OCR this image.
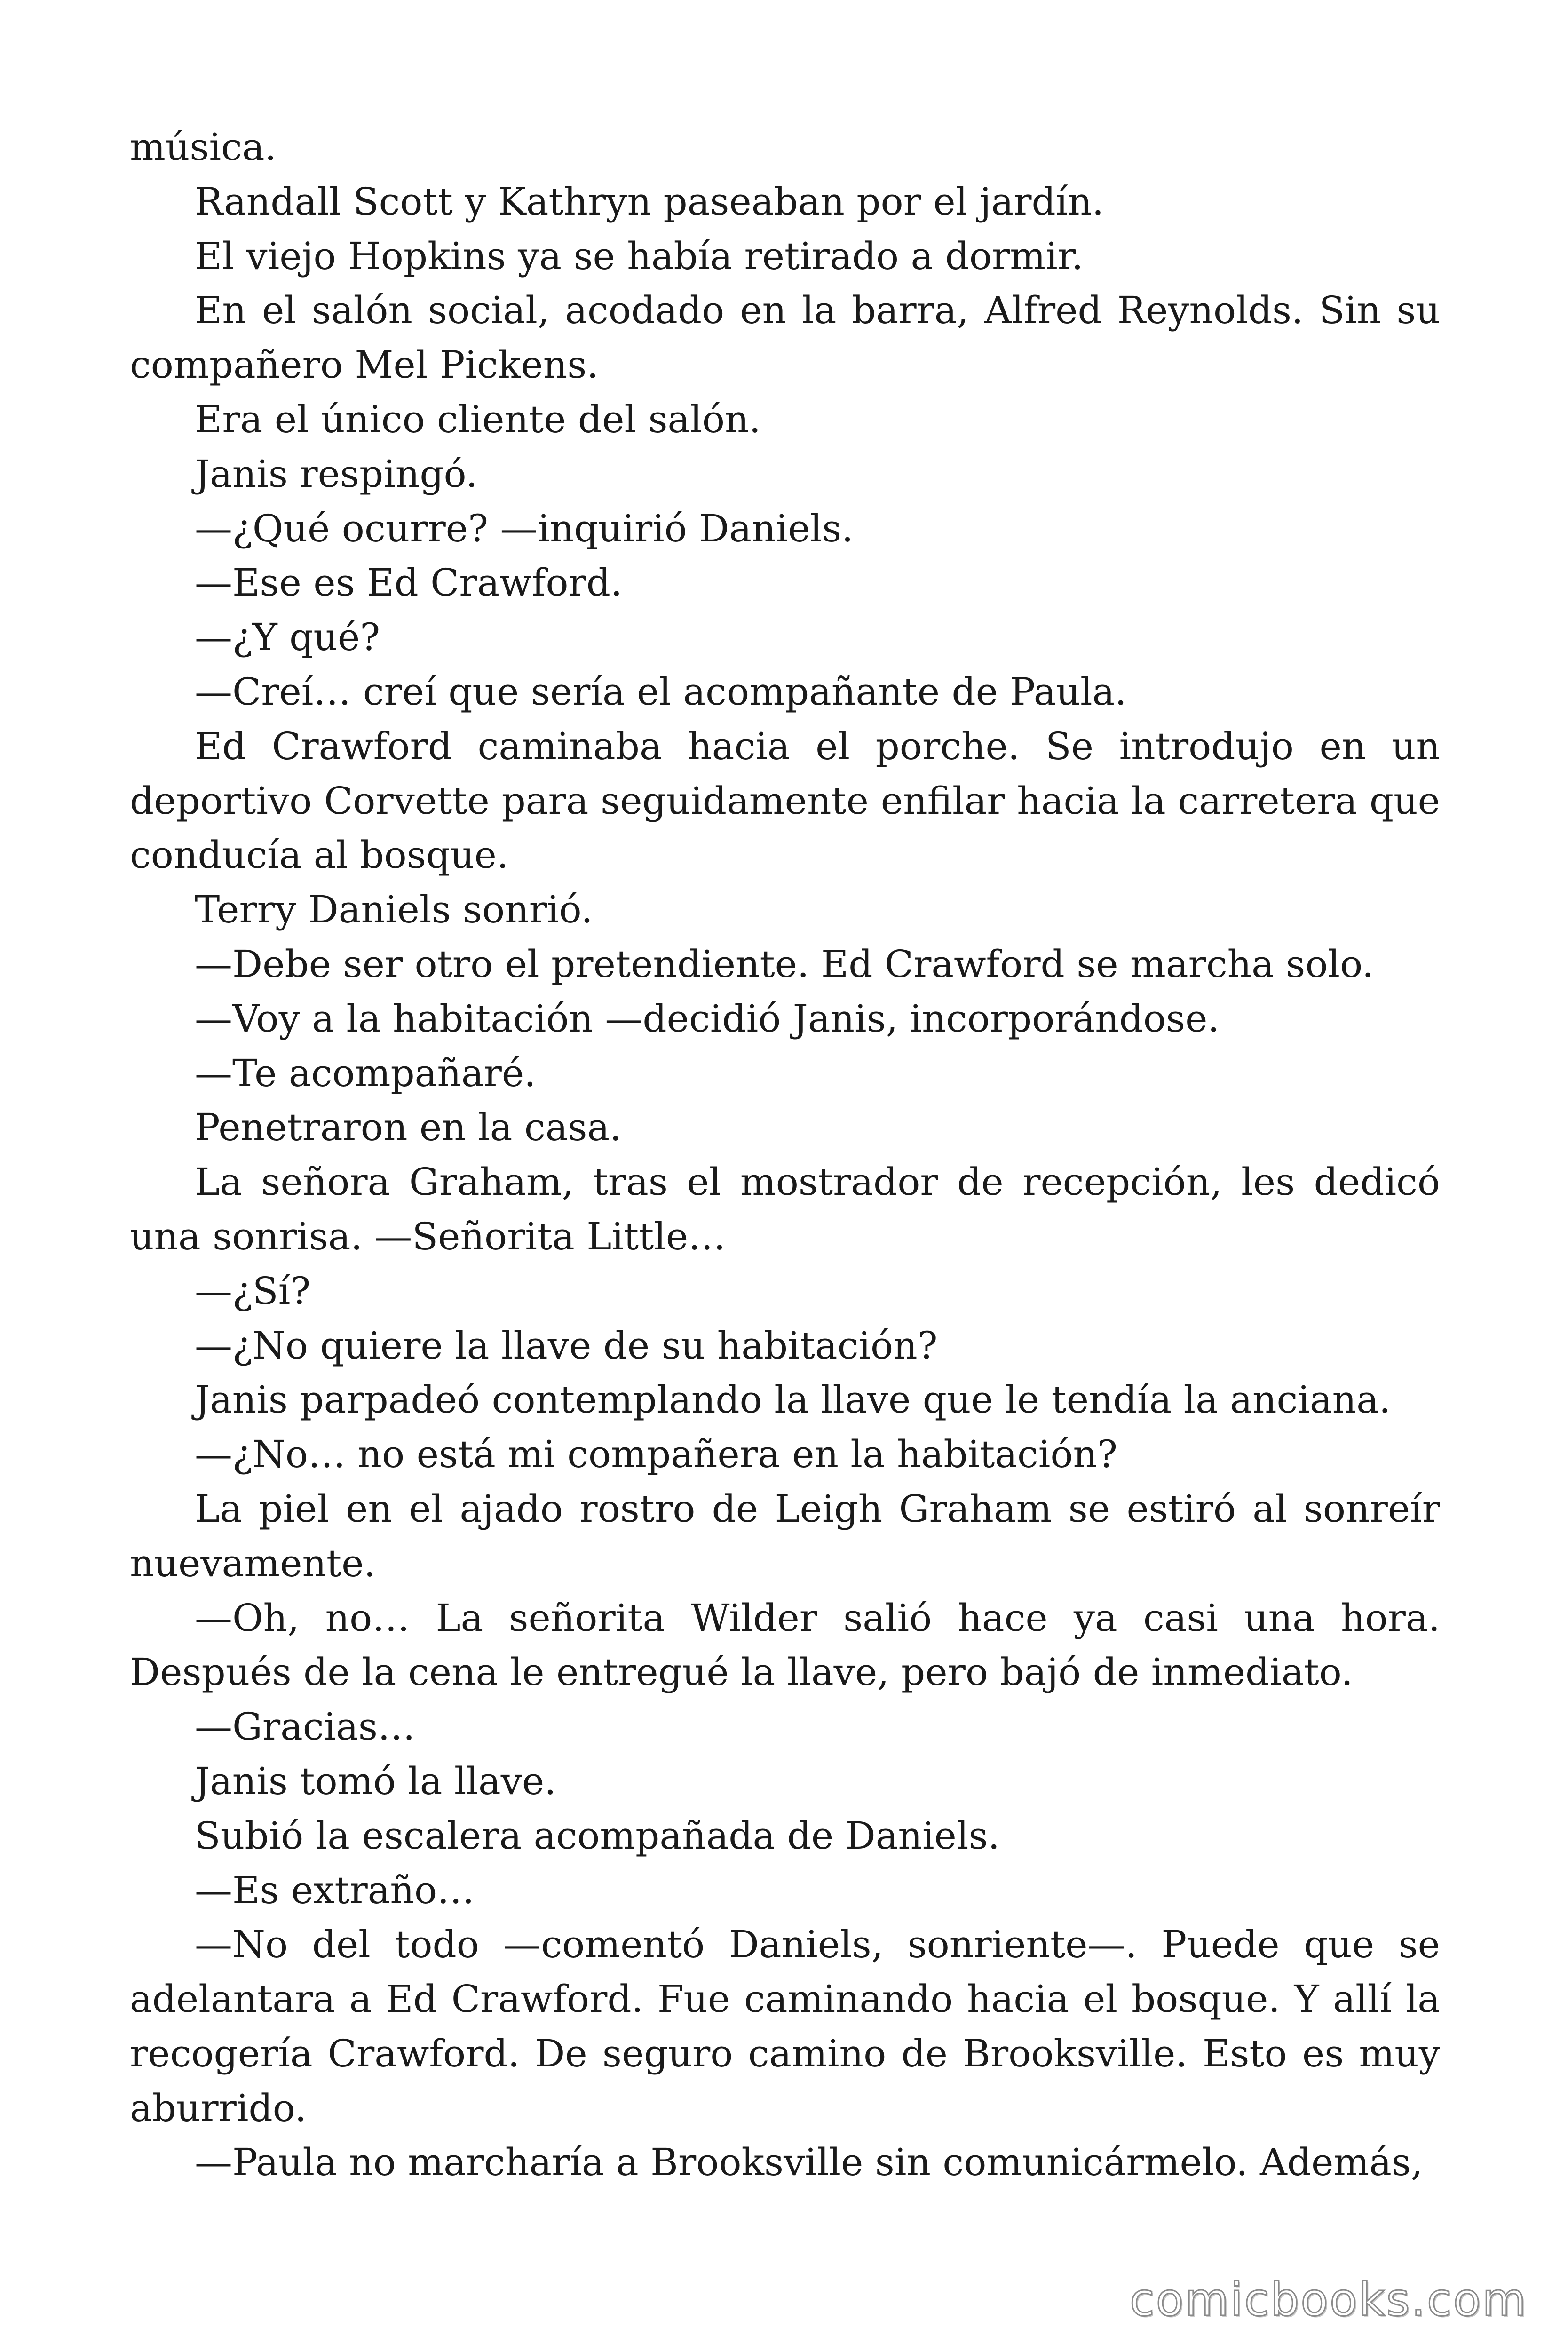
música.

Randall Scott y Kathryn paseaban por el jardín.

El viejo Hopkins ya se había retirado a dormir.

En el salón social, acodado en la barra, Alfred Reynolds. Sin su compañero Mel Pickens.

Era el único cliente del salón.

Janis respingó.

—¿Qué ocurre? —inquirió Daniels.

—Ese es Ed Crawford.

—¿Y qué?

—Creí… creí que sería el acompañante de Paula.

Ed Crawford caminaba hacia el porche. Se introdujo en un deportivo Corvette para seguidamente enfilar hacia la carretera que conducía al bosque.

Terry Daniels sonrió.

—Debe ser otro el pretendiente. Ed Crawford se marcha solo.

—Voy a la habitación —decidió Janis, incorporándose.

—Te acompañaré.

Penetraron en la casa.

La señora Graham, tras el mostrador de recepción, les dedicó una sonrisa. —Señorita Little…

—¿Sí?

—¿No quiere la llave de su habitación?

Janis parpadeó contemplando la llave que le tendía la anciana.

—¿No… no está mi compañera en la habitación?

La piel en el ajado rostro de Leigh Graham se estiró al sonreír nuevamente.

—Oh, no… La señorita Wilder salió hace ya casi una hora. Después de la cena le entregué la llave, pero bajó de inmediato.

—Gracias…

Janis tomó la llave.

Subió la escalera acompañada de Daniels.

—Es extraño…

—No del todo —comentó Daniels, sonriente—. Puede que se adelantara a Ed Crawford. Fue caminando hacia el bosque. Y allí la recogería Crawford. De seguro camino de Brooksville. Esto es muy aburrido.

—Paula no marcharía a Brooksville sin comunicármelo. Además,

comicbooks.com
